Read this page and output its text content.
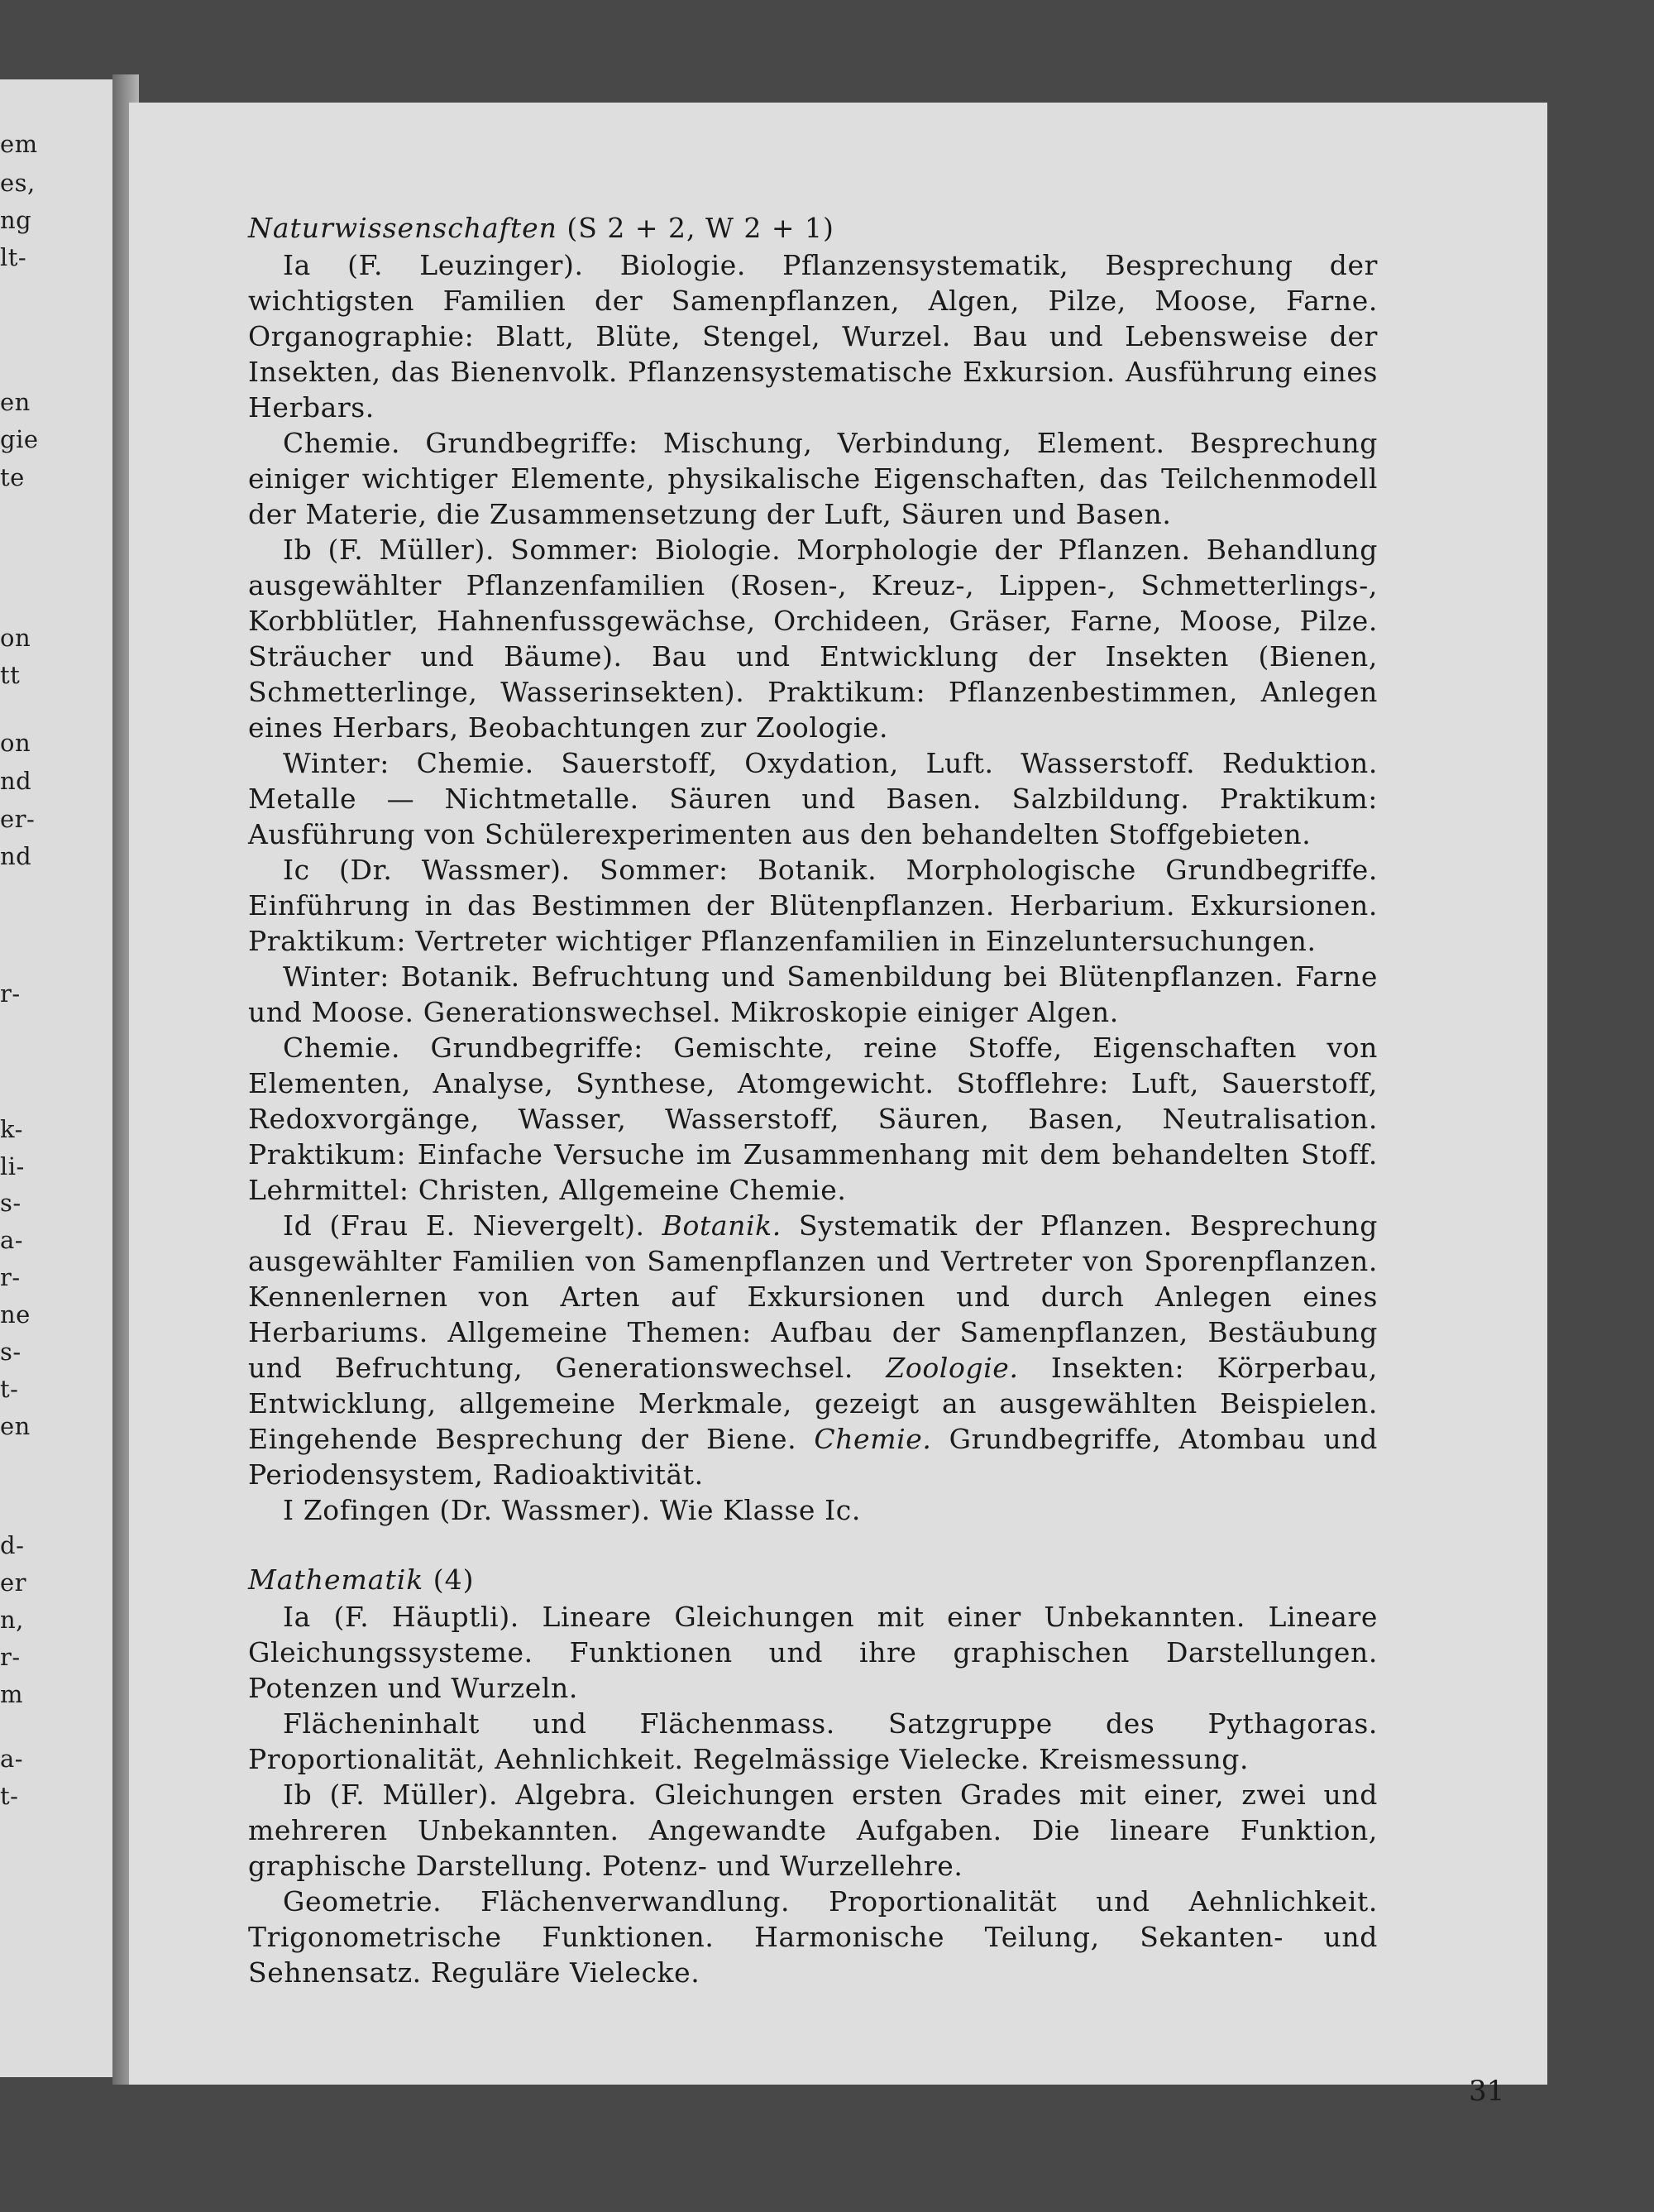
em
es,
ng
lt-
en
gie
te
on
tt
on
nd
er-
nd
r-
k-
li-
s-
a-
r-
ne
s-
t-
en
d-
er
n,
r-
m
a-
t-
Naturwissenschaften (S 2 + 2, W 2 + 1)

Ia (F. Leuzinger). Biologie. Pflanzensystematik, Besprechung der wichtigsten Familien der Samenpflanzen, Algen, Pilze, Moose, Farne. Organographie: Blatt, Blüte, Stengel, Wurzel. Bau und Lebensweise der Insekten, das Bienenvolk. Pflanzensystematische Exkursion. Ausführung eines Herbars.

Chemie. Grundbegriffe: Mischung, Verbindung, Element. Besprechung einiger wichtiger Elemente, physikalische Eigenschaften, das Teilchenmodell der Materie, die Zusammensetzung der Luft, Säuren und Basen.

Ib (F. Müller). Sommer: Biologie. Morphologie der Pflanzen. Behandlung ausgewählter Pflanzenfamilien (Rosen-, Kreuz-, Lippen-, Schmetterlings-, Korbblütler, Hahnenfussgewächse, Orchideen, Gräser, Farne, Moose, Pilze. Sträucher und Bäume). Bau und Entwicklung der Insekten (Bienen, Schmetterlinge, Wasserinsekten). Praktikum: Pflanzenbestimmen, Anlegen eines Herbars, Beobachtungen zur Zoologie.

Winter: Chemie. Sauerstoff, Oxydation, Luft. Wasserstoff. Reduktion. Metalle — Nichtmetalle. Säuren und Basen. Salzbildung. Praktikum: Ausführung von Schülerexperimenten aus den behandelten Stoffgebieten.

Ic (Dr. Wassmer). Sommer: Botanik. Morphologische Grundbegriffe. Einführung in das Bestimmen der Blütenpflanzen. Herbarium. Exkursionen. Praktikum: Vertreter wichtiger Pflanzenfamilien in Einzeluntersuchungen.

Winter: Botanik. Befruchtung und Samenbildung bei Blütenpflanzen. Farne und Moose. Generationswechsel. Mikroskopie einiger Algen.

Chemie. Grundbegriffe: Gemischte, reine Stoffe, Eigenschaften von Elementen, Analyse, Synthese, Atomgewicht. Stofflehre: Luft, Sauerstoff, Redoxvorgänge, Wasser, Wasserstoff, Säuren, Basen, Neutralisation. Praktikum: Einfache Versuche im Zusammenhang mit dem behandelten Stoff. Lehrmittel: Christen, Allgemeine Chemie.

Id (Frau E. Nievergelt). Botanik. Systematik der Pflanzen. Besprechung ausgewählter Familien von Samenpflanzen und Vertreter von Sporenpflanzen. Kennenlernen von Arten auf Exkursionen und durch Anlegen eines Herbariums. Allgemeine Themen: Aufbau der Samenpflanzen, Bestäubung und Befruchtung, Generationswechsel. Zoologie. Insekten: Körperbau, Entwicklung, allgemeine Merkmale, gezeigt an ausgewählten Beispielen. Eingehende Besprechung der Biene. Chemie. Grundbegriffe, Atombau und Periodensystem, Radioaktivität.

I Zofingen (Dr. Wassmer). Wie Klasse Ic.

Mathematik (4)

Ia (F. Häuptli). Lineare Gleichungen mit einer Unbekannten. Lineare Gleichungssysteme. Funktionen und ihre graphischen Darstellungen. Potenzen und Wurzeln.

Flächeninhalt und Flächenmass. Satzgruppe des Pythagoras. Proportionalität, Aehnlichkeit. Regelmässige Vielecke. Kreismessung.

Ib (F. Müller). Algebra. Gleichungen ersten Grades mit einer, zwei und mehreren Unbekannten. Angewandte Aufgaben. Die lineare Funktion, graphische Darstellung. Potenz- und Wurzellehre.

Geometrie. Flächenverwandlung. Proportionalität und Aehnlichkeit. Trigonometrische Funktionen. Harmonische Teilung, Sekanten- und Sehnensatz. Reguläre Vielecke.

31
